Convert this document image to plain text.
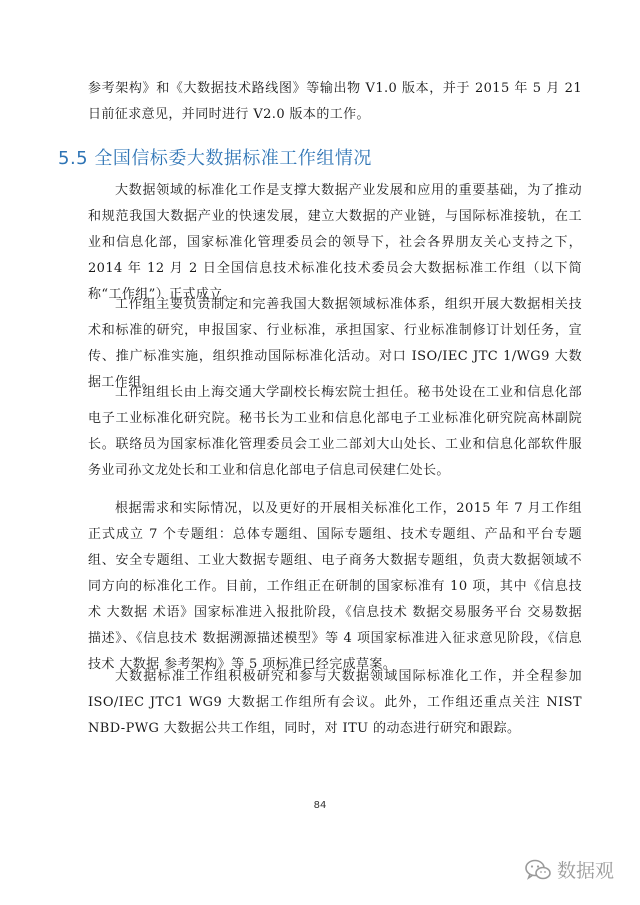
参考架构》和《大数据技术路线图》等输出物 V1.0 版本，并于 2015 年 5 月 21 日前征求意见，并同时进行 V2.0 版本的工作。

5.5 全国信标委大数据标准工作组情况

大数据领域的标准化工作是支撑大数据产业发展和应用的重要基础，为了推动和规范我国大数据产业的快速发展，建立大数据的产业链，与国际标准接轨，在工业和信息化部，国家标准化管理委员会的领导下，社会各界朋友关心支持之下，2014 年 12 月 2 日全国信息技术标准化技术委员会大数据标准工作组（以下简称“工作组”）正式成立。

工作组主要负责制定和完善我国大数据领域标准体系，组织开展大数据相关技术和标准的研究，申报国家、行业标准，承担国家、行业标准制修订计划任务，宣传、推广标准实施，组织推动国际标准化活动。对口 ISO/IEC JTC 1/WG9 大数据工作组。

工作组组长由上海交通大学副校长梅宏院士担任。秘书处设在工业和信息化部电子工业标准化研究院。秘书长为工业和信息化部电子工业标准化研究院高林副院长。联络员为国家标准化管理委员会工业二部刘大山处长、工业和信息化部软件服务业司孙文龙处长和工业和信息化部电子信息司侯建仁处长。

根据需求和实际情况，以及更好的开展相关标准化工作，2015 年 7 月工作组正式成立 7 个专题组：总体专题组、国际专题组、技术专题组、产品和平台专题组、安全专题组、工业大数据专题组、电子商务大数据专题组，负责大数据领域不同方向的标准化工作。目前，工作组正在研制的国家标准有 10 项，其中《信息技术 大数据 术语》国家标准进入报批阶段，《信息技术 数据交易服务平台 交易数据描述》、《信息技术 数据溯源描述模型》等 4 项国家标准进入征求意见阶段，《信息技术 大数据 参考架构》等 5 项标准已经完成草案。

大数据标准工作组积极研究和参与大数据领域国际标准化工作，并全程参加 ISO/IEC JTC1 WG9 大数据工作组所有会议。此外，工作组还重点关注 NIST NBD-PWG 大数据公共工作组，同时，对 ITU 的动态进行研究和跟踪。

84
数据观
